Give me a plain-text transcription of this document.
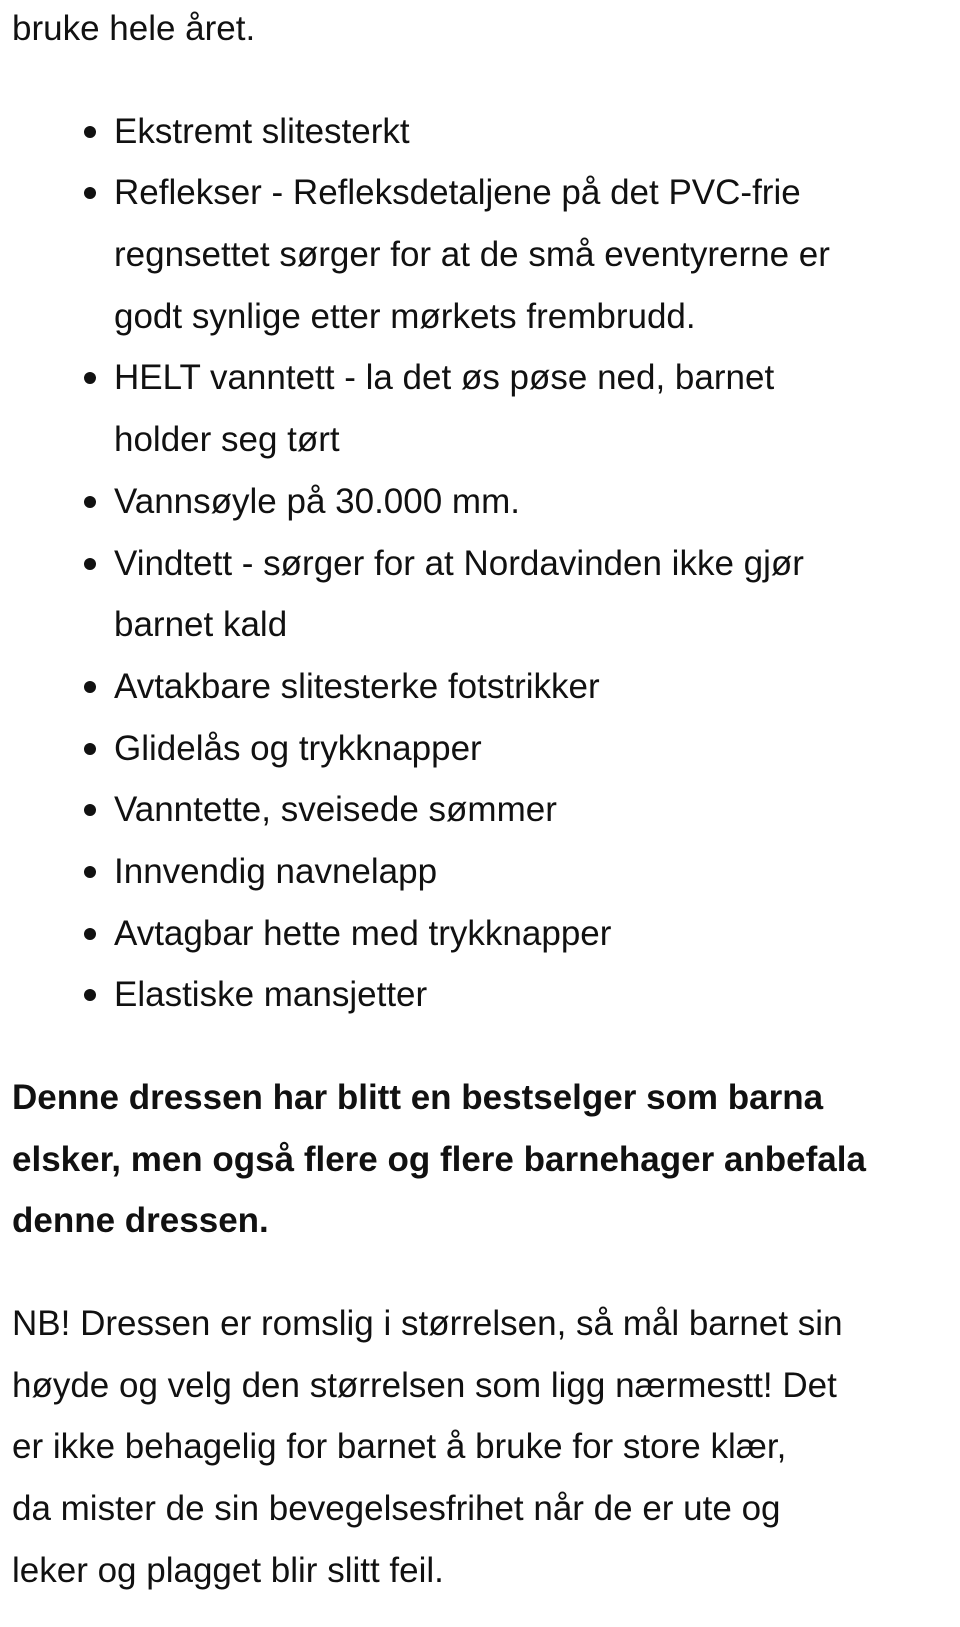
bruke hele året.
Ekstremt slitesterkt
Reflekser - Refleksdetaljene på det PVC-frie
regnsettet sørger for at de små eventyrerne er
godt synlige etter mørkets frembrudd.
HELT vanntett - la det øs pøse ned, barnet
holder seg tørt
Vannsøyle på 30.000 mm.
Vindtett - sørger for at Nordavinden ikke gjør
barnet kald
Avtakbare slitesterke fotstrikker
Glidelås og trykknapper
Vanntette, sveisede sømmer
Innvendig navnelapp
Avtagbar hette med trykknapper
Elastiske mansjetter
Denne dressen har blitt en bestselger som barna
elsker, men også flere og flere barnehager anbefala
denne dressen.
NB! Dressen er romslig i størrelsen, så mål barnet sin
høyde og velg den størrelsen som ligg nærmestt! Det
er ikke behagelig for barnet å bruke for store klær,
da mister de sin bevegelsesfrihet når de er ute og
leker og plagget blir slitt feil.
